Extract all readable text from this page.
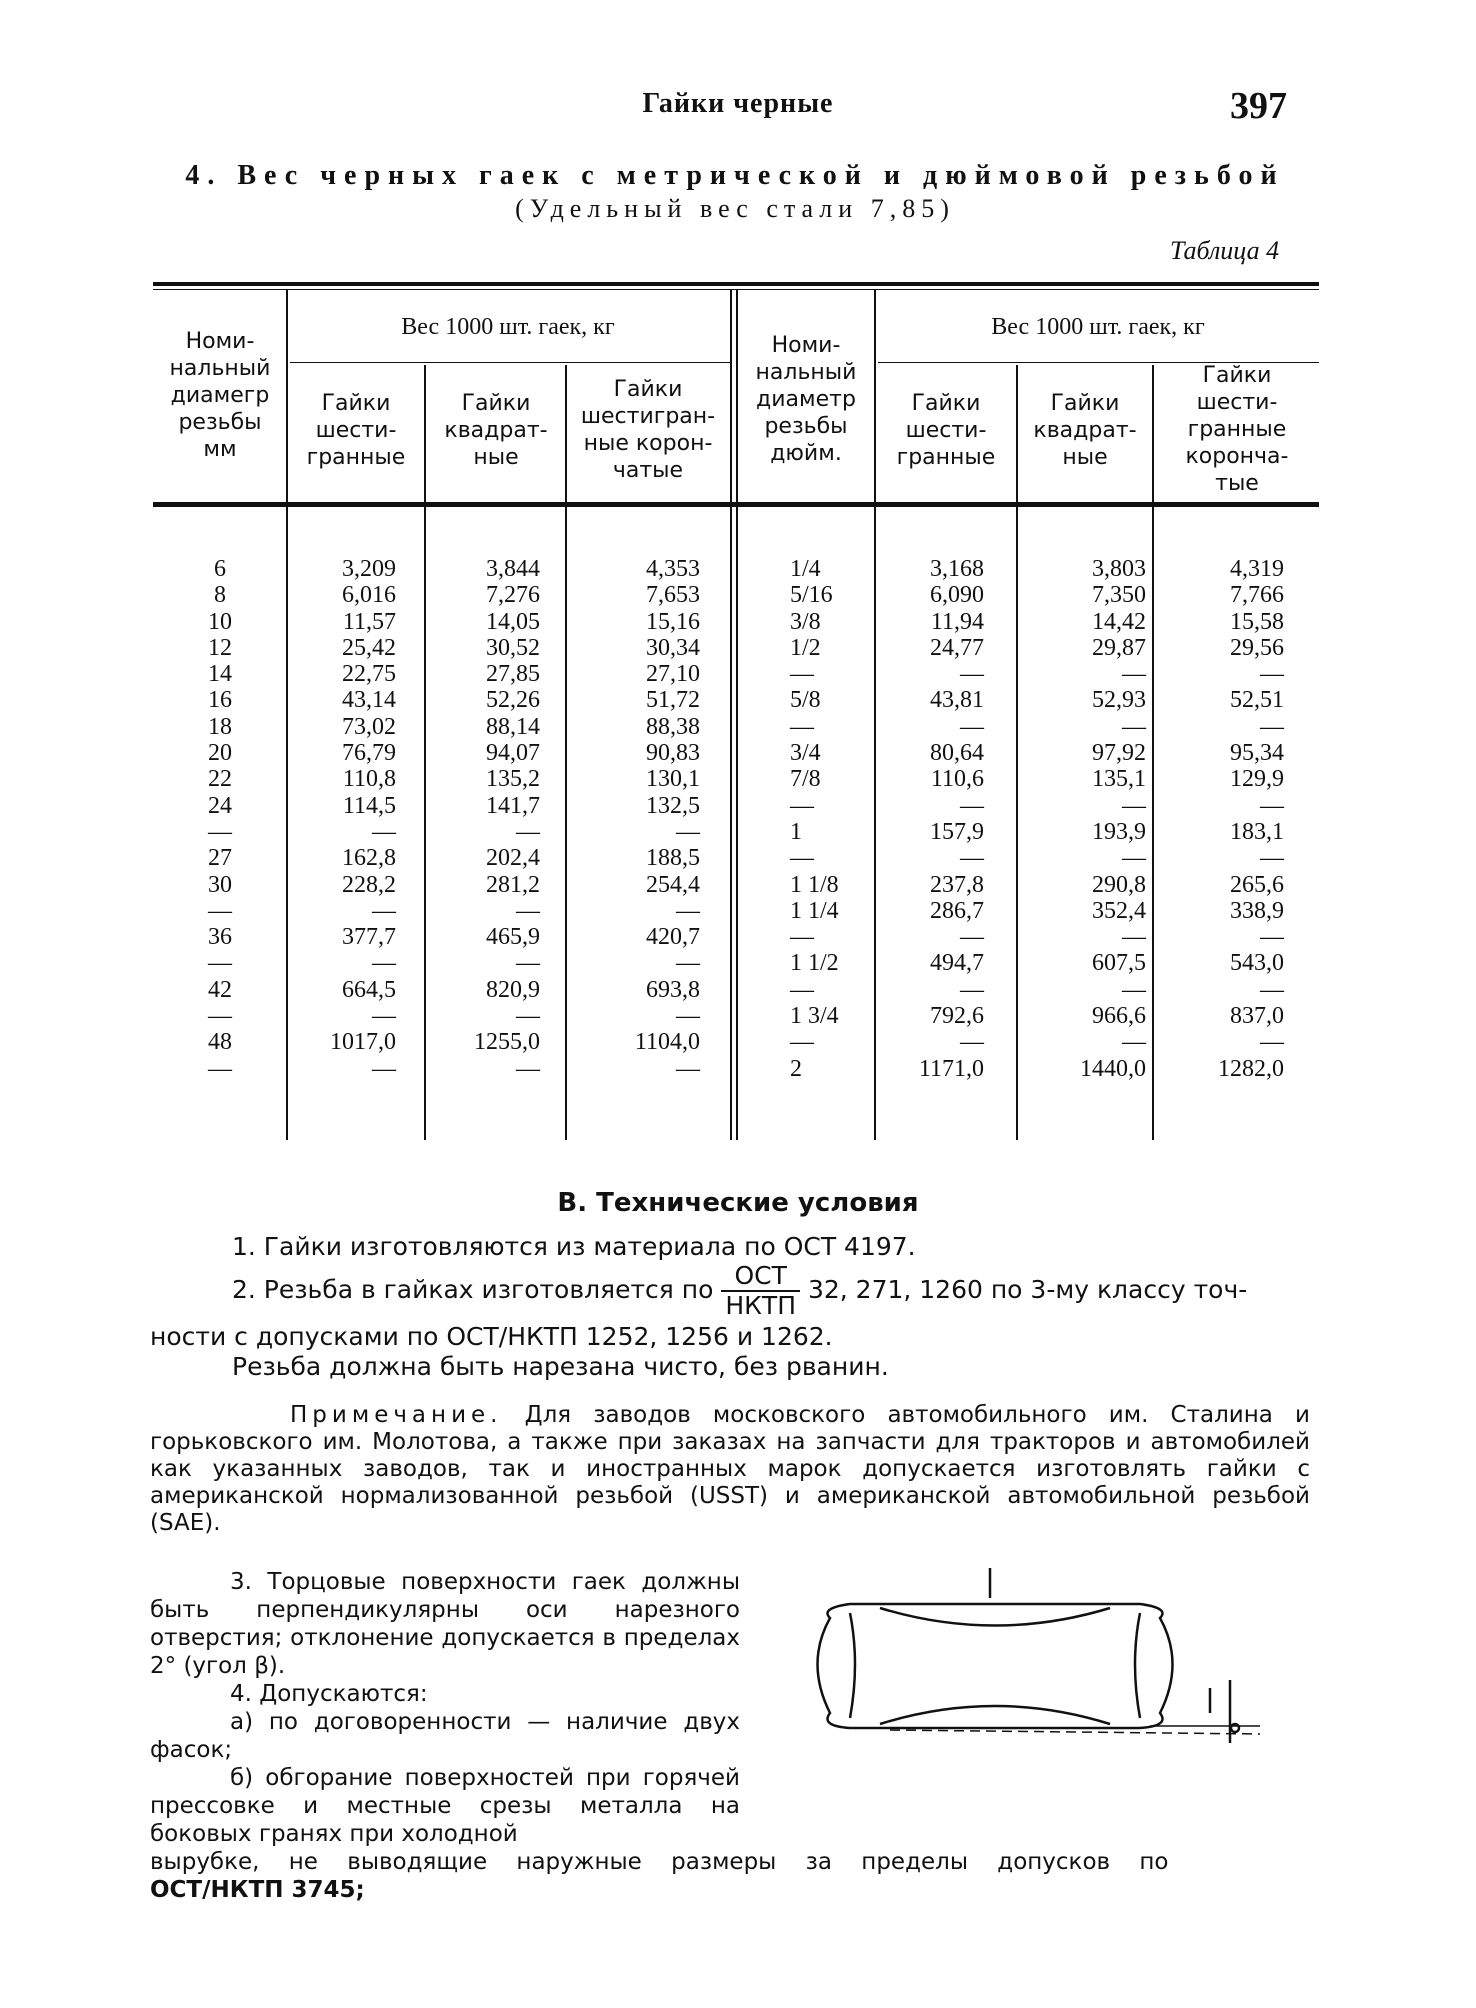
Гайки черные	397
4. Вес черных гаек с метрической и дюймовой резьбой
(Удельный вес стали 7,85)
Таблица 4
Номи-
нальный
диамегр
резьбы
мм
Вес 1000 шт. гаек, кг
Гайки
шести-
гранные
Гайки
квадрат-
ные
Гайки
шестигран-
ные корон-
чатые
Номи-
нальный
диаметр
резьбы
дюйм.
Вес 1000 шт. гаек, кг
Гайки
шести-
гранные
Гайки
квадрат-
ные
Гайки
шести-
гранные
корончa-
тые
6
8
10
12
14
16
18
20
22
24
—
27
30
—
36
—
42
—
48
—
3,209
6,016
11,57
25,42
22,75
43,14
73,02
76,79
110,8
114,5
—
162,8
228,2
—
377,7
—
664,5
—
1017,0
—
3,844
7,276
14,05
30,52
27,85
52,26
88,14
94,07
135,2
141,7
—
202,4
281,2
—
465,9
—
820,9
—
1255,0
—
4,353
7,653
15,16
30,34
27,10
51,72
88,38
90,83
130,1
132,5
—
188,5
254,4
—
420,7
—
693,8
—
1104,0
—
1/4
5/16
3/8
1/2
—
5/8
—
3/4
7/8
—
1
—
1 1/8
1 1/4
—
1 1/2
—
1 3/4
—
2
3,168
6,090
11,94
24,77
—
43,81
—
80,64
110,6
—
157,9
—
237,8
286,7
—
494,7
—
792,6
—
1171,0
3,803
7,350
14,42
29,87
—
52,93
—
97,92
135,1
—
193,9
—
290,8
352,4
—
607,5
—
966,6
—
1440,0
4,319
7,766
15,58
29,56
—
52,51
—
95,34
129,9
—
183,1
—
265,6
338,9
—
543,0
—
837,0
—
1282,0
В. Технические условия
1. Гайки изготовляются из материала по ОСТ 4197.
2. Резьба в гайках изготовляется по $\frac{\text{ОСТ}}{\text{НКТП}} 32$, 271, 1260 по 3-му классу точ-
ности с допусками по ОСТ/НКТП 1252, 1256 и 1262.
Резьба должна быть нарезана чисто, без рванин.
Примечание. Для заводов московского автомобильного им. Сталина и горьковского им. Молотова, а также при заказах на запчасти для тракторов и автомобилей как указанных заводов, так и иностранных марок допускается изготовлять гайки с американской нормализованной резьбой (USST) и американской автомобильной резьбой (SAE).
3. Торцовые поверхности гаек должны быть перпендикулярны оси нарезного отверстия; отклонение допускается в пределах 2° (угол β).
4. Допускаются:
а) по договоренности — наличие двух фасок;
б) обгорание поверхностей при горячей прессовке и местные срезы металла на боковых гранях при холодной
вырубке, не выводящие наружные размеры за пределы допусков по
ОСТ/НКТП 3745;
